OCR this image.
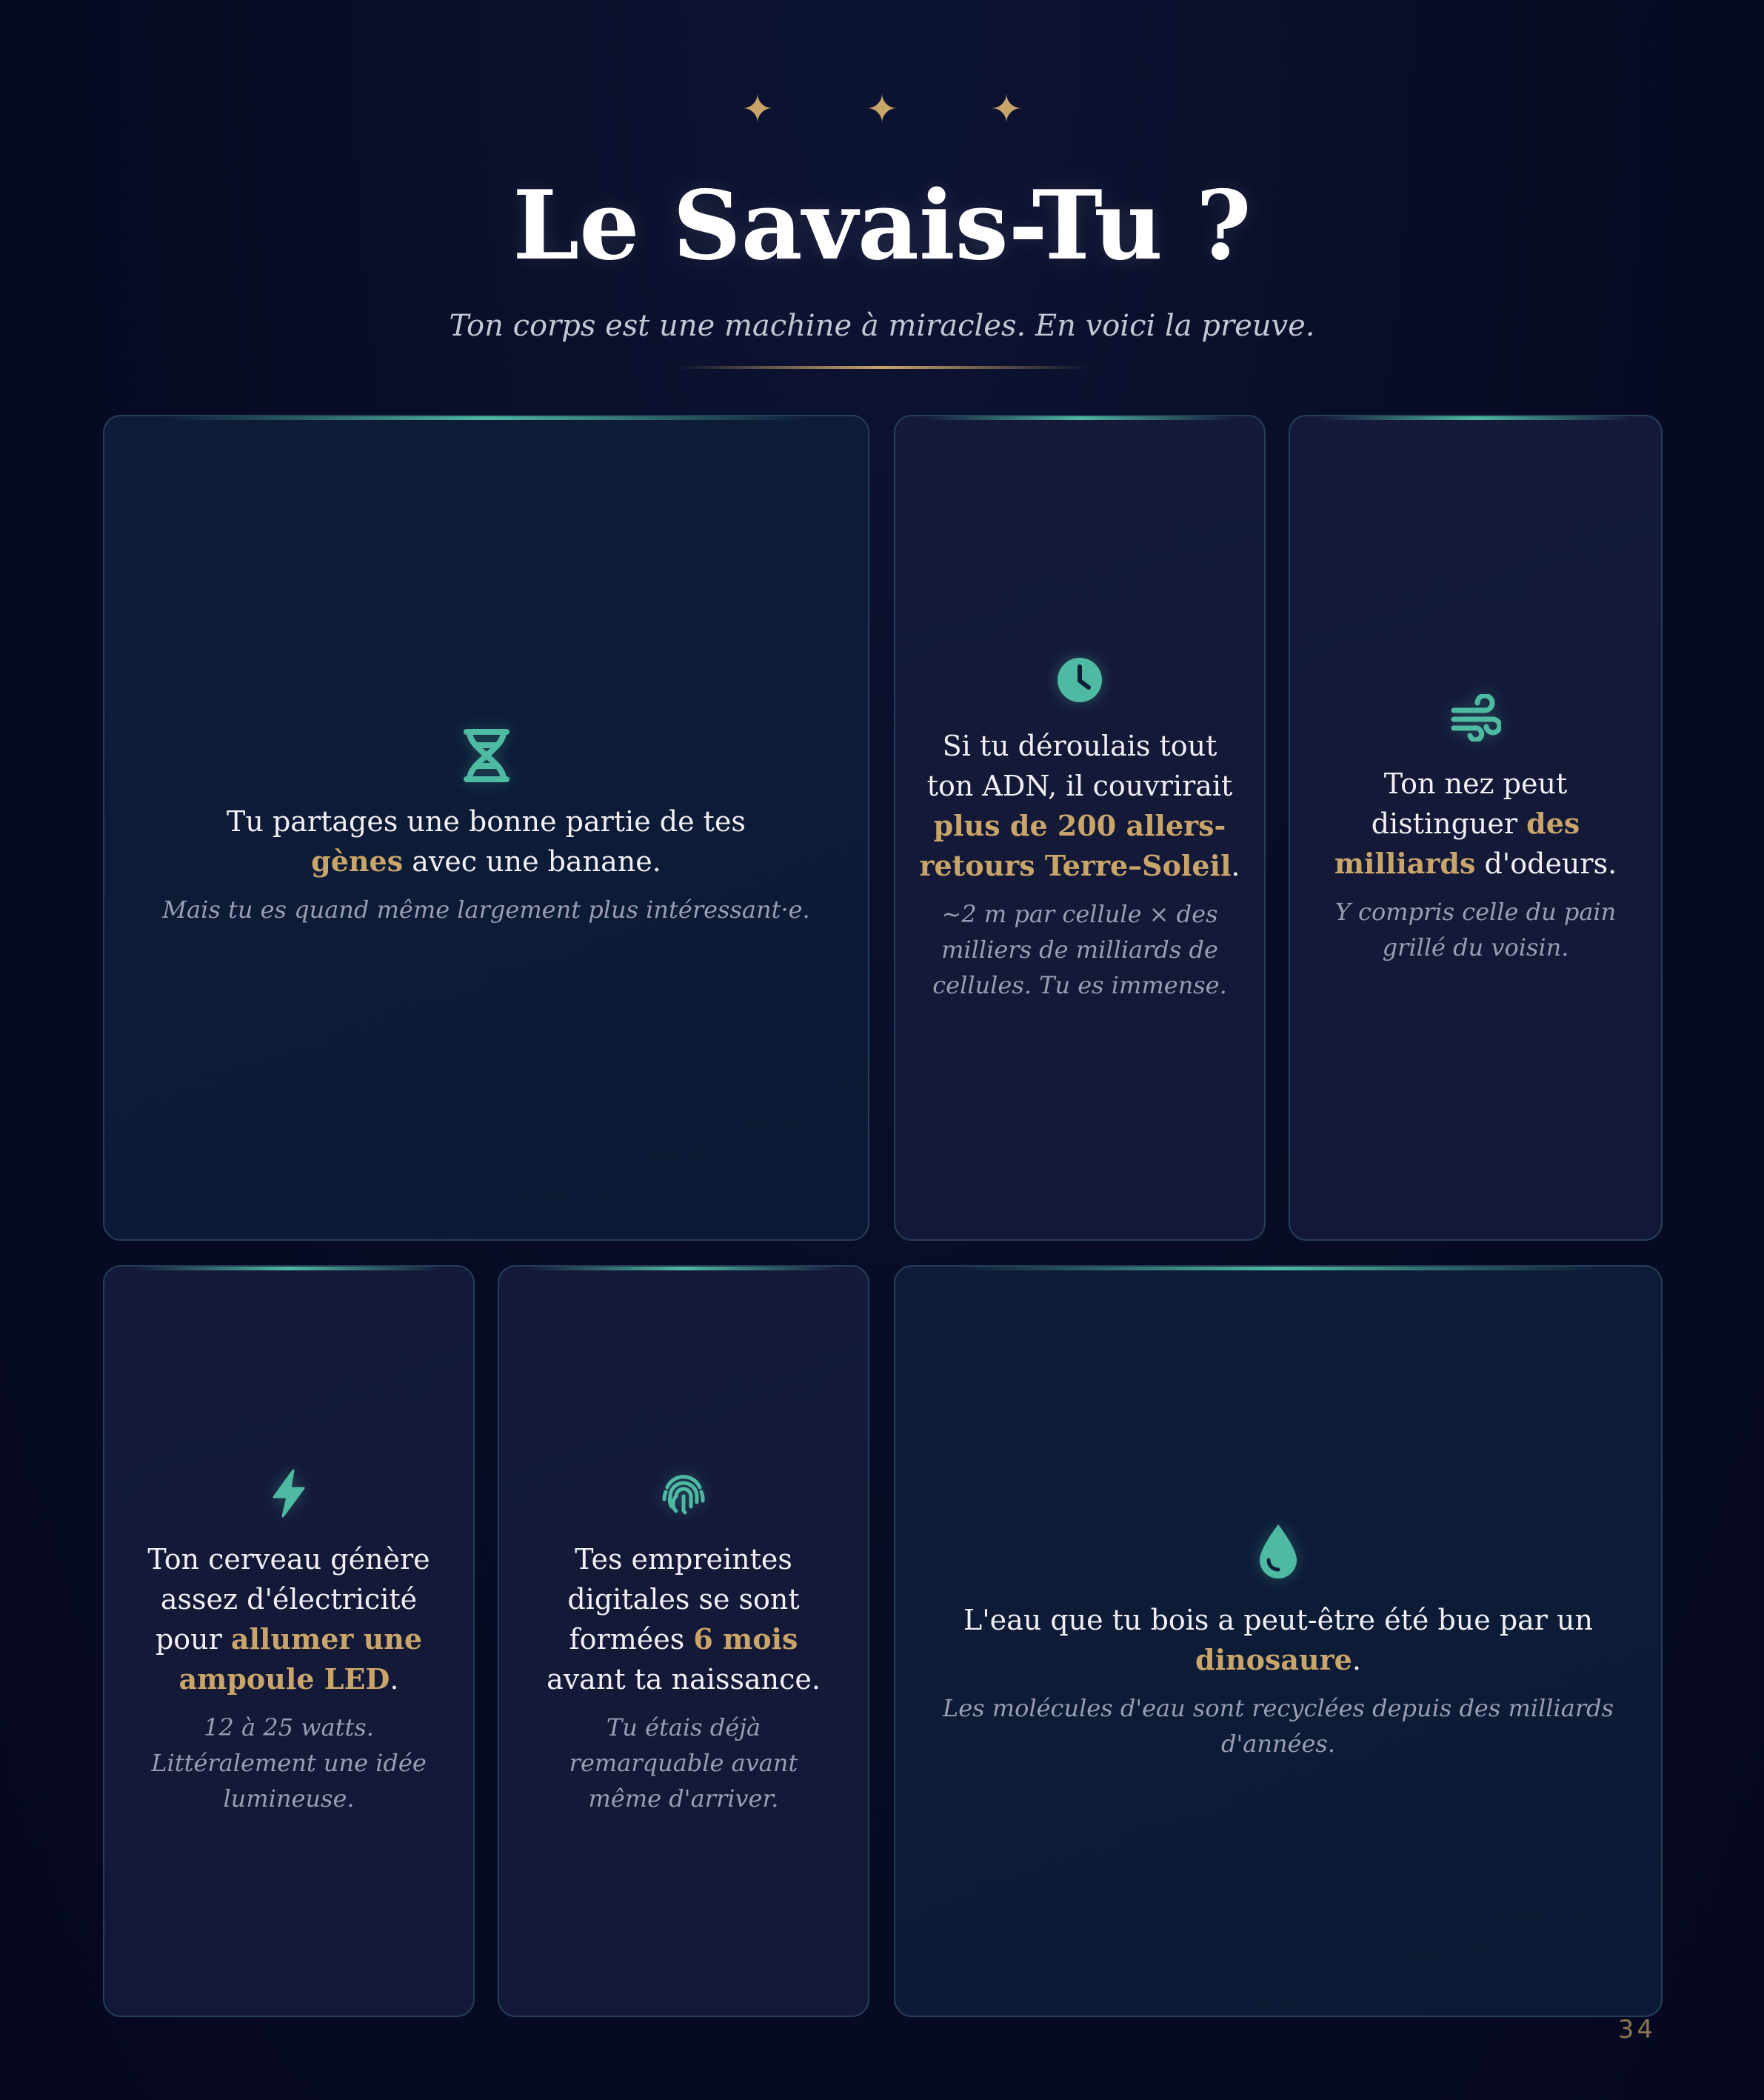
✦ ✦ ✦
Le Savais-Tu ?

Ton corps est une machine à miracles. En voici la preuve.

Tu partages une bonne partie de tes gènes avec une banane.

Mais tu es quand même largement plus intéressant·e.

Si tu déroulais tout ton ADN, il couvrirait plus de 200 allers-retours Terre–Soleil.

~2 m par cellule × des milliers de milliards de cellules. Tu es immense.

Ton nez peut distinguer des milliards d'odeurs.

Y compris celle du pain grillé du voisin.

Ton cerveau génère assez d'électricité pour allumer une ampoule LED.

12 à 25 watts. Littéralement une idée lumineuse.

Tes empreintes digitales se sont formées 6 mois avant ta naissance.

Tu étais déjà remarquable avant même d'arriver.

L'eau que tu bois a peut-être été bue par un dinosaure.

Les molécules d'eau sont recyclées depuis des milliards d'années.

34
